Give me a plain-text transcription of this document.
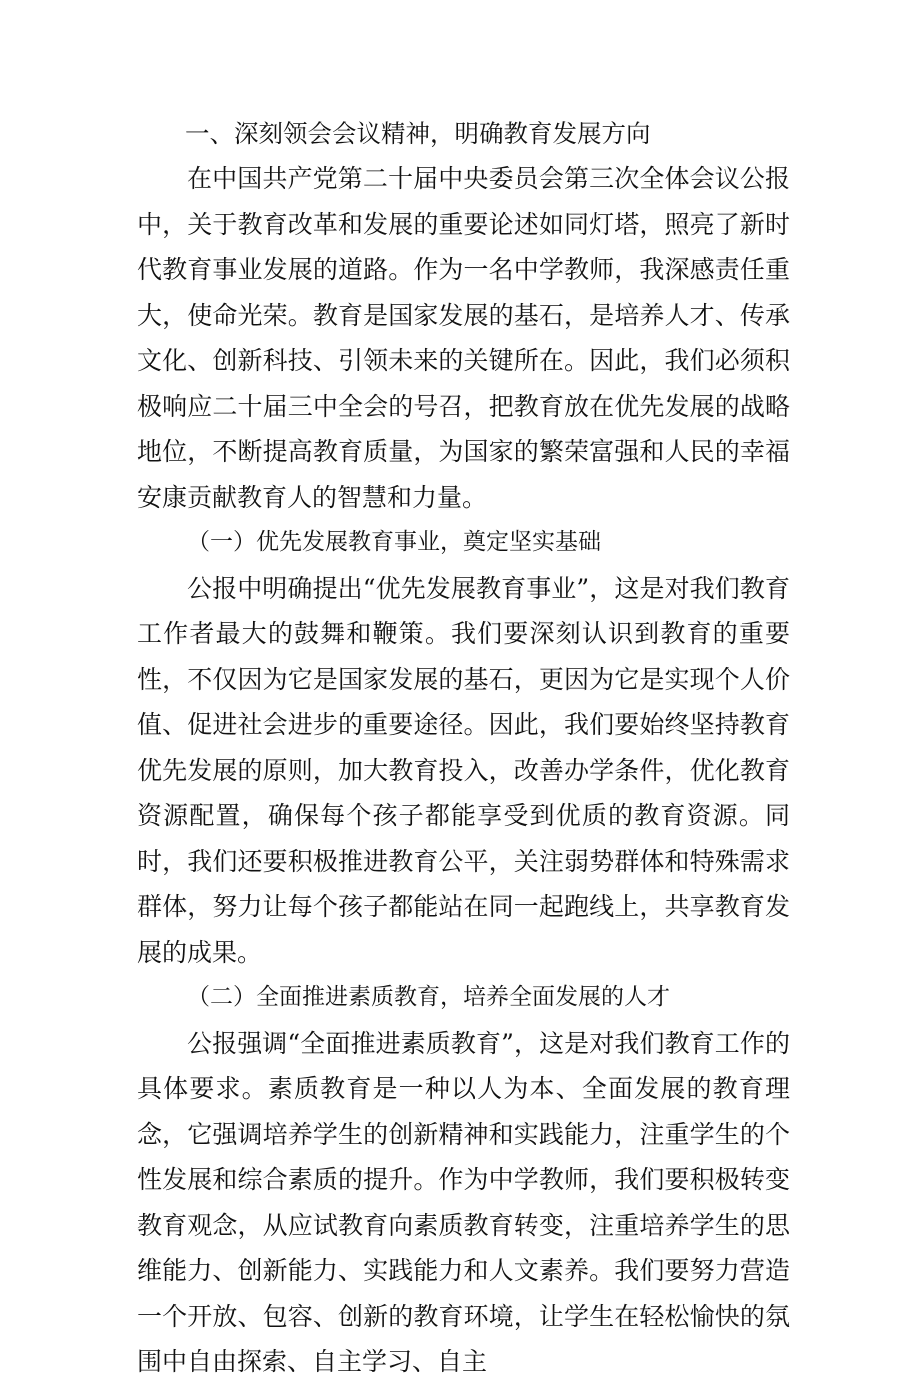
一、深刻领会会议精神，明确教育发展方向

在中国共产党第二十届中央委员会第三次全体会议公报中，关于教育改革和发展的重要论述如同灯塔，照亮了新时代教育事业发展的道路。作为一名中学教师，我深感责任重大，使命光荣。教育是国家发展的基石，是培养人才、传承文化、创新科技、引领未来的关键所在。因此，我们必须积极响应二十届三中全会的号召，把教育放在优先发展的战略地位，不断提高教育质量，为国家的繁荣富强和人民的幸福安康贡献教育人的智慧和力量。

（一）优先发展教育事业，奠定坚实基础

公报中明确提出“优先发展教育事业”，这是对我们教育工作者最大的鼓舞和鞭策。我们要深刻认识到教育的重要性，不仅因为它是国家发展的基石，更因为它是实现个人价值、促进社会进步的重要途径。因此，我们要始终坚持教育优先发展的原则，加大教育投入，改善办学条件，优化教育资源配置，确保每个孩子都能享受到优质的教育资源。同时，我们还要积极推进教育公平，关注弱势群体和特殊需求群体，努力让每个孩子都能站在同一起跑线上，共享教育发展的成果。

（二）全面推进素质教育，培养全面发展的人才

公报强调“全面推进素质教育”，这是对我们教育工作的具体要求。素质教育是一种以人为本、全面发展的教育理念，它强调培养学生的创新精神和实践能力，注重学生的个性发展和综合素质的提升。作为中学教师，我们要积极转变教育观念，从应试教育向素质教育转变，注重培养学生的思维能力、创新能力、实践能力和人文素养。我们要努力营造一个开放、包容、创新的教育环境，让学生在轻松愉快的氛围中自由探索、自主学习、自主
